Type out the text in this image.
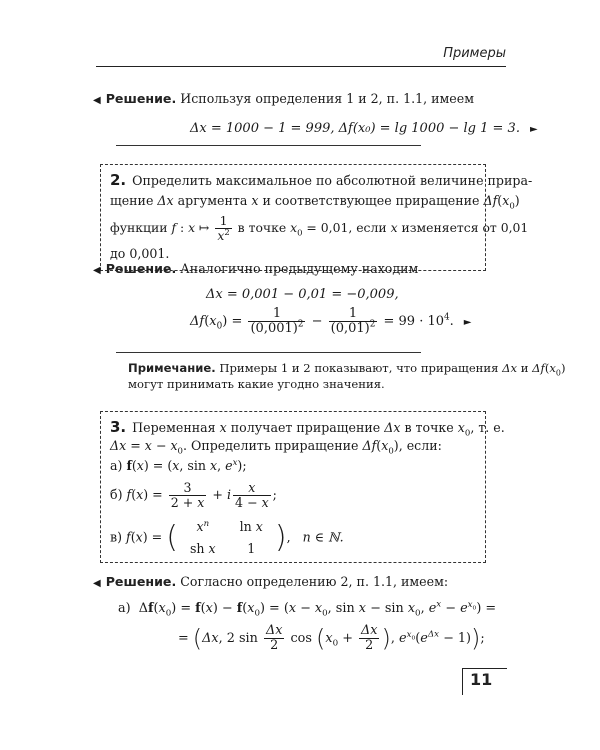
Примеры
◀ Решение. Используя определения 1 и 2, п. 1.1, имеем
Δx = 1000 − 1 = 999, Δf(x₀) = lg 1000 − lg 1 = 3. ►
2. Определить максимальное по абсолютной величине прира-
щение Δx аргумента x и соответствующее приращение $\Delta f(x_0)$
функции f : x ↦ $\frac{1}{x^2}$ в точке $x_0 = 0,01$, если x изменяется от 0,01
до 0,001.
◀ Решение. Аналогично предыдущему находим
Δx = 0,001 − 0,01 = −0,009,
$\Delta f(x_0) = \frac{1}{(0,001)^2} - \frac{1}{(0,01)^2} = 99 \cdot 10^4$. ►
Примечание. Примеры 1 и 2 показывают, что приращения Δx и $\Delta f(x_0)$
могут принимать какие угодно значения.
3. Переменная x получает приращение Δx в точке $x_0$, т. е.
$\Delta x = x - x_0$. Определить приращение $\Delta f(x_0)$, если:
а) f(x) = (x, sin x, $e^x$);
б) $f(x) = \frac{3}{2 + x} + i \frac{x}{4 - x}$ ;
в) f(x) = ( $x^n$	ln x
sh x	1 ),   n ∈ ℕ.
◀ Решение. Согласно определению 2, п. 1.1, имеем:
а)  $\Delta f(x_0) = f(x) - f(x_0) = (x - x_0$, $\sin x - \sin x_0$, $e^x - e^{x_0}$) =
= (Δx, 2 $\sin \frac{\Delta x}{2}$ $\cos (x_0 + \frac{\Delta x}{2}$ ), $e^{x_0}(e^{\Delta x} - 1)$);
11
